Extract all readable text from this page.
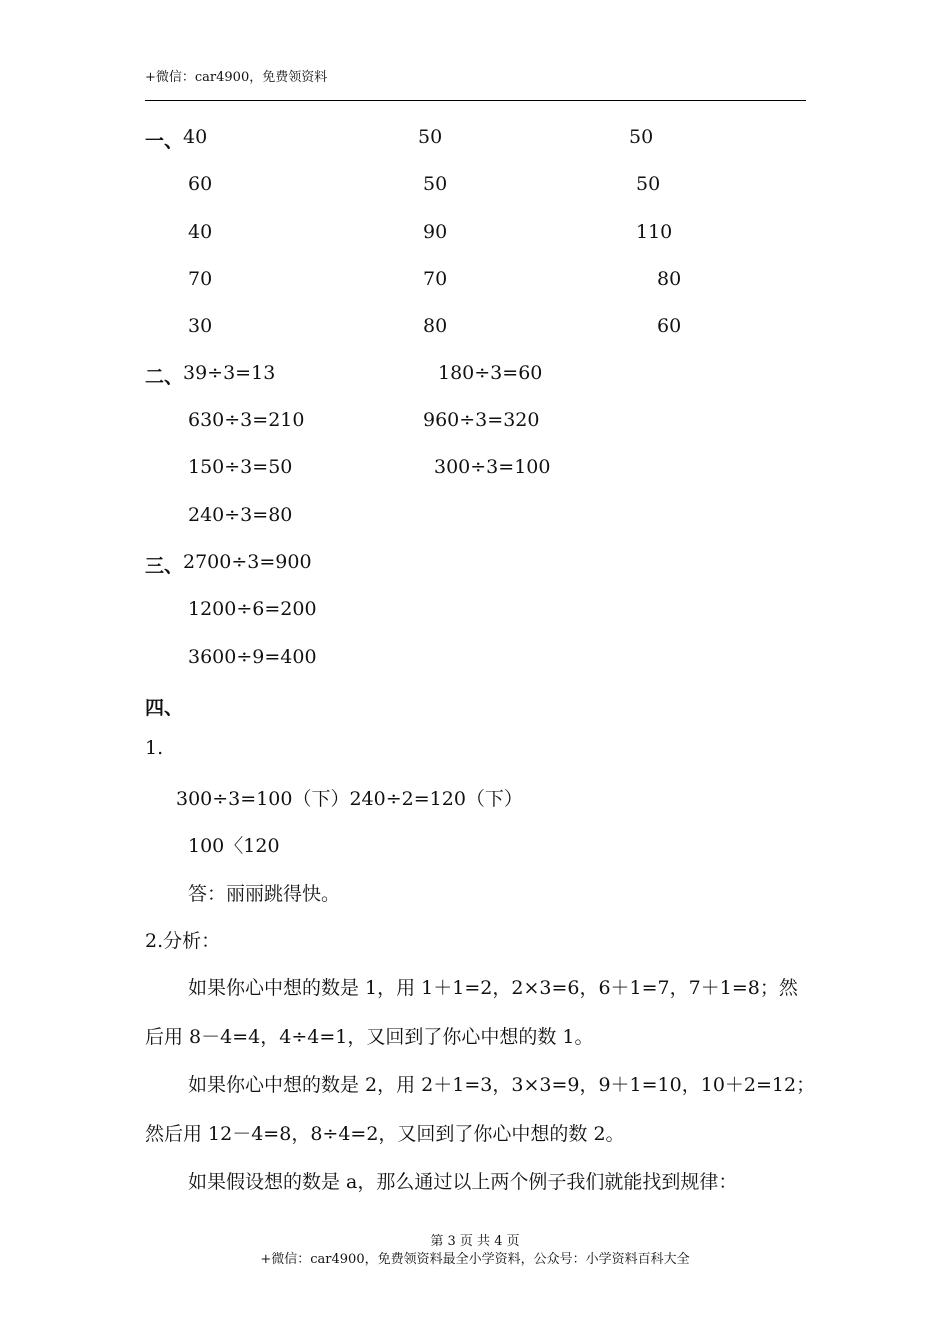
+微信：car4900，免费领资料
一、 40	50	50
60	50	50
40	90	110
70	70	80
30	80	60
二、 39÷3=13	180÷3=60
630÷3=210	960÷3=320
150÷3=50	300÷3=100
240÷3=80
三、 2700÷3=900
1200÷6=200
3600÷9=400
四、
1.
300÷3=100（下）240÷2=120（下）
100〈120
答：丽丽跳得快。
2.分析：
如果你心中想的数是 1，用 1＋1=2，2×3=6，6＋1=7，7＋1=8；然
后用 8－4=4，4÷4=1，又回到了你心中想的数 1。
如果你心中想的数是 2，用 2＋1=3，3×3=9，9＋1=10，10＋2=12；
然后用 12－4=8，8÷4=2，又回到了你心中想的数 2。
如果假设想的数是 a，那么通过以上两个例子我们就能找到规律：
第 3 页 共 4 页
+微信：car4900，免费领资料最全小学资料，公众号：小学资料百科大全
